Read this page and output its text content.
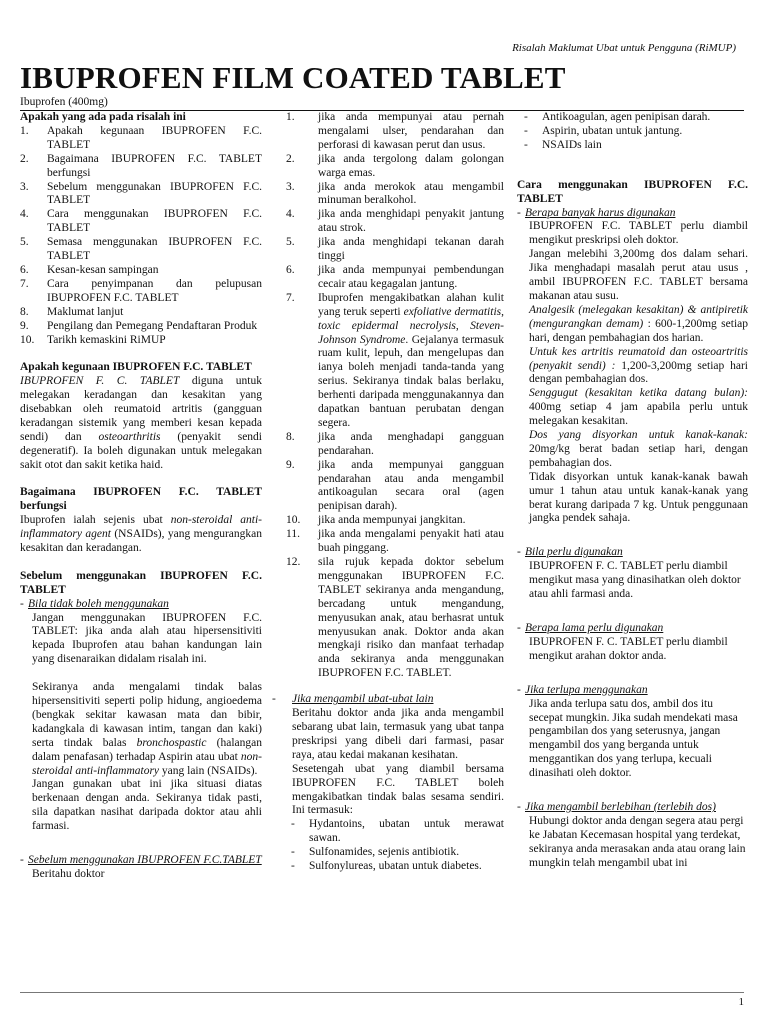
Risalah Maklumat Ubat untuk Pengguna (RiMUP)
IBUPROFEN FILM COATED TABLET
Ibuprofen (400mg)
Apakah yang ada pada risalah ini
1. Apakah kegunaan IBUPROFEN F.C. TABLET
2. Bagaimana IBUPROFEN F.C. TABLET berfungsi
3. Sebelum menggunakan IBUPROFEN F.C. TABLET
4. Cara menggunakan IBUPROFEN F.C. TABLET
5. Semasa menggunakan IBUPROFEN F.C. TABLET
6. Kesan-kesan sampingan
7. Cara penyimpanan dan pelupusan IBUPROFEN F.C. TABLET
8. Maklumat lanjut
9. Pengilang dan Pemegang Pendaftaran Produk
10. Tarikh kemaskini RiMUP
Apakah kegunaan IBUPROFEN F.C. TABLET

IBUPROFEN F. C. TABLET diguna untuk melegakan keradangan dan kesakitan yang disebabkan oleh reumatoid artritis (gangguan keradangan sistemik yang memberi kesan kepada sendi) dan osteoarthritis (penyakit sendi degeneratif). Ia boleh digunakan untuk melegakan sakit otot dan sakit ketika haid.

Bagaimana IBUPROFEN F.C. TABLET berfungsi

Ibuprofen ialah sejenis ubat non-steroidal anti-inflammatory agent (NSAIDs), yang mengurangkan kesakitan dan keradangan.

Sebelum menggunakan IBUPROFEN F.C. TABLET
- Bila tidak boleh menggunakan

Jangan menggunakan IBUPROFEN F.C. TABLET: jika anda alah atau hipersensitiviti kepada Ibuprofen atau bahan kandungan lain yang disenaraikan didalam risalah ini.

Sekiranya anda mengalami tindak balas hipersensitiviti seperti polip hidung, angioedema (bengkak sekitar kawasan mata dan bibir, kadangkala di kawasan intim, tangan dan kaki) serta tindak balas bronchospastic (halangan dalam penafasan) terhadap Aspirin atau ubat non-steroidal anti-inflammatory yang lain (NSAIDs).

Jangan gunakan ubat ini jika situasi diatas berkenaan dengan anda. Sekiranya tidak pasti, sila dapatkan nasihat daripada doktor atau ahli farmasi.

- Sebelum menggunakan IBUPROFEN F.C.TABLET
Beritahu doktor
1. jika anda mempunyai atau pernah mengalami ulser, pendarahan dan perforasi di kawasan perut dan usus.
2. jika anda tergolong dalam golongan warga emas.
3. jika anda merokok atau mengambil minuman beralkohol.
4. jika anda menghidapi penyakit jantung atau strok.
5. jika anda menghidapi tekanan darah tinggi
6. jika anda mempunyai pembendungan cecair atau kegagalan jantung.
7. Ibuprofen mengakibatkan alahan kulit yang teruk seperti exfoliative dermatitis, toxic epidermal necrolysis, Steven-Johnson Syndrome. Gejalanya termasuk ruam kulit, lepuh, dan mengelupas dan ianya boleh menjadi tanda-tanda yang serius. Sekiranya tindak balas berlaku, berhenti daripada menggunakannya dan dapatkan bantuan perubatan dengan segera.
8. jika anda menghadapi gangguan pendarahan.
9. jika anda mempunyai gangguan pendarahan atau anda mengambil antikoagulan secara oral (agen penipisan darah).
10. jika anda mempunyai jangkitan.
11. jika anda mengalami penyakit hati atau buah pinggang.
12. sila rujuk kepada doktor sebelum menggunakan IBUPROFEN F.C. TABLET sekiranya anda mengandung, bercadang untuk mengandung, menyusukan anak, atau berhasrat untuk menyusukan anak. Doktor anda akan mengkaji risiko dan manfaat terhadap anda sekiranya anda menggunakan IBUPROFEN F.C. TABLET.
- Jika mengambil ubat-ubat lain

Beritahu doktor anda jika anda mengambil sebarang ubat lain, termasuk yang ubat tanpa preskripsi yang dibeli dari farmasi, pasar raya, atau kedai makanan kesihatan.

Sesetengah ubat yang diambil bersama IBUPROFEN F.C. TABLET boleh mengakibatkan tindak balas sesama sendiri. Ini termasuk:

- Hydantoins, ubatan untuk merawat sawan.
- Sulfonamides, sejenis antibiotik.
- Sulfonylureas, ubatan untuk diabetes.
- Antikoagulan, agen penipisan darah.
- Aspirin, ubatan untuk jantung.
- NSAIDs lain
Cara menggunakan IBUPROFEN F.C. TABLET
- Berapa banyak harus digunakan

IBUPROFEN F.C. TABLET perlu diambil mengikut preskripsi oleh doktor.

Jangan melebihi 3,200mg dos dalam sehari. Jika menghadapi masalah perut atau usus , ambil IBUPROFEN F.C. TABLET bersama makanan atau susu.

Analgesik (melegakan kesakitan) & antipiretik (mengurangkan demam) : 600-1,200mg setiap hari, dengan pembahagian dos harian.

Untuk kes artritis reumatoid dan osteoartritis (penyakit sendi) : 1,200-3,200mg setiap hari dengan pembahagian dos.

Senggugut (kesakitan ketika datang bulan): 400mg setiap 4 jam apabila perlu untuk melegakan kesakitan.

Dos yang disyorkan untuk kanak-kanak: 20mg/kg berat badan setiap hari, dengan pembahagian dos.

Tidak disyorkan untuk kanak-kanak bawah umur 1 tahun atau untuk kanak-kanak yang berat kurang daripada 7 kg. Untuk penggunaan jangka pendek sahaja.

- Bila perlu digunakan
IBUPROFEN F. C. TABLET perlu diambil mengikut masa yang dinasihatkan oleh doktor atau ahli farmasi anda.
- Berapa lama perlu digunakan
IBUPROFEN F. C. TABLET perlu diambil mengikut arahan doktor anda.
- Jika terlupa menggunakan
Jika anda terlupa satu dos, ambil dos itu secepat mungkin. Jika sudah mendekati masa pengambilan dos yang seterusnya, jangan mengambil dos yang berganda untuk menggantikan dos yang terlupa, kecuali dinasihati oleh doktor.
- Jika mengambil berlebihan (terlebih dos)
Hubungi doktor anda dengan segera atau pergi ke Jabatan Kecemasan hospital yang terdekat, sekiranya anda merasakan anda atau orang lain mungkin telah mengambil ubat ini
1
